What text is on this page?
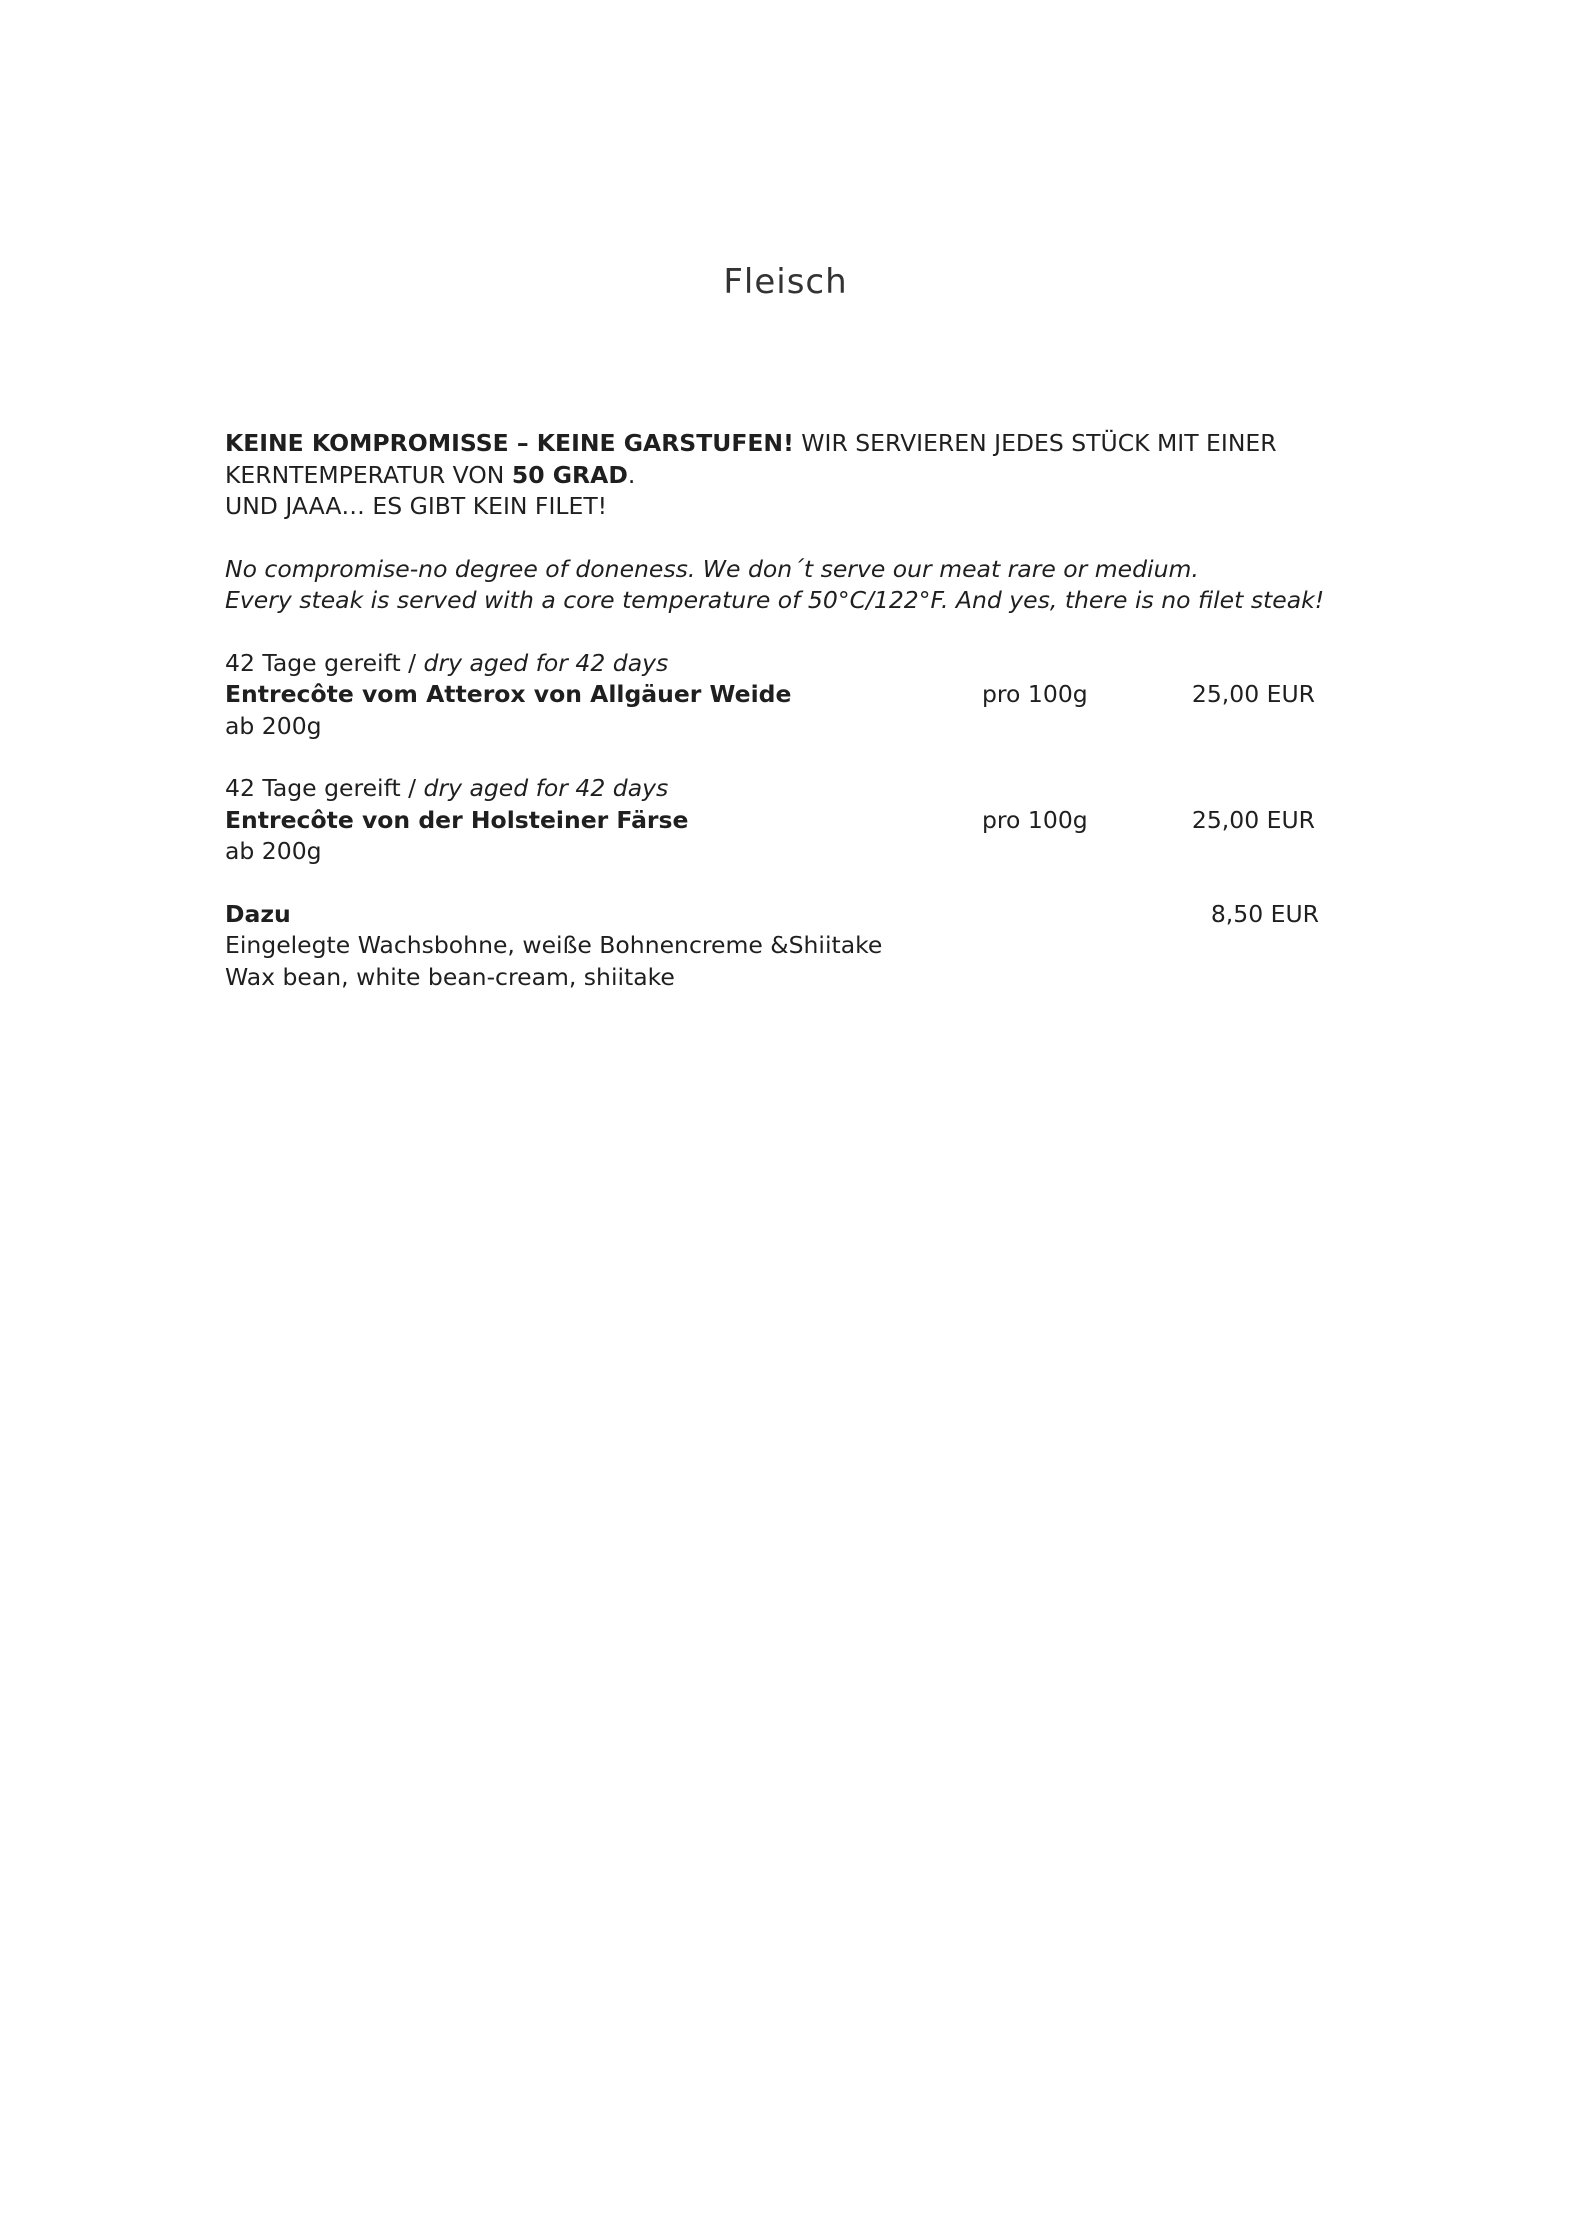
Fleisch
KEINE KOMPROMISSE – KEINE GARSTUFEN! WIR SERVIEREN JEDES STÜCK MIT EINER
KERNTEMPERATUR VON 50 GRAD.
UND JAAA… ES GIBT KEIN FILET!
No compromise-no degree of doneness. We don´t serve our meat rare or medium.
Every steak is served with a core temperature of 50°C/122°F. And yes, there is no filet steak!
42 Tage gereift / dry aged for 42 days
Entrecôte vom Atterox von Allgäuer Weide	pro 100g	25,00 EUR
ab 200g
42 Tage gereift / dry aged for 42 days
Entrecôte von der Holsteiner Färse	pro 100g	25,00 EUR
ab 200g
Dazu	8,50 EUR
Eingelegte Wachsbohne, weiße Bohnencreme &Shiitake
Wax bean, white bean-cream, shiitake
